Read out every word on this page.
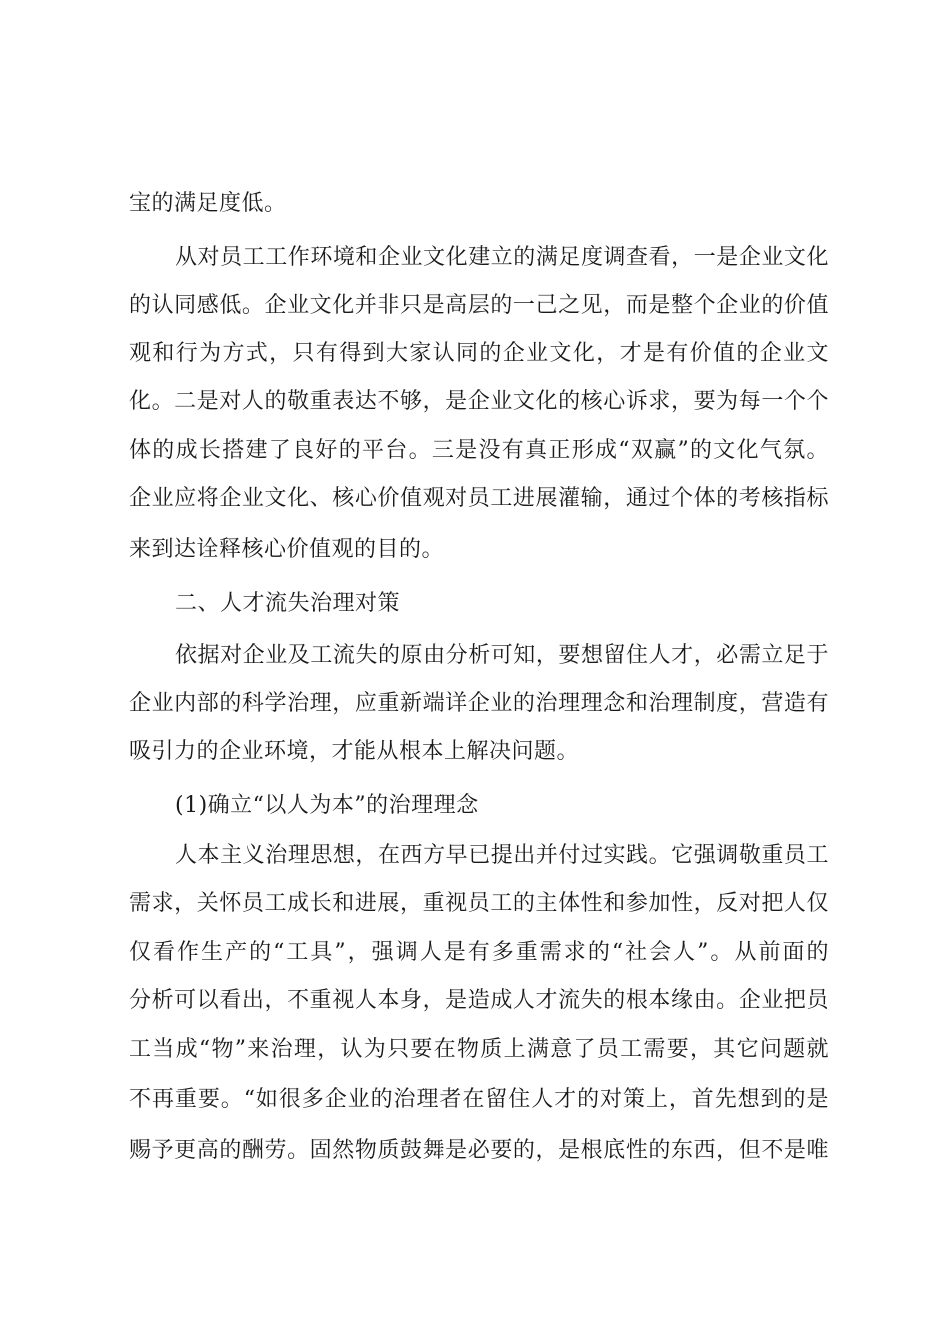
宝的满足度低。
从对员工工作环境和企业文化建立的满足度调查看，一是企业文化
的认同感低。企业文化并非只是高层的一己之见，而是整个企业的价值
观和行为方式，只有得到大家认同的企业文化，才是有价值的企业文
化。二是对人的敬重表达不够，是企业文化的核心诉求，要为每一个个
体的成长搭建了良好的平台。三是没有真正形成“双赢”的文化气氛。
企业应将企业文化、核心价值观对员工进展灌输，通过个体的考核指标
来到达诠释核心价值观的目的。
二、人才流失治理对策
依据对企业及工流失的原由分析可知，要想留住人才，必需立足于
企业内部的科学治理，应重新端详企业的治理理念和治理制度，营造有
吸引力的企业环境，才能从根本上解决问题。
(1)确立“以人为本”的治理理念
人本主义治理思想，在西方早已提出并付过实践。它强调敬重员工
需求，关怀员工成长和进展，重视员工的主体性和参加性，反对把人仅
仅看作生产的“工具”，强调人是有多重需求的“社会人”。从前面的
分析可以看出，不重视人本身，是造成人才流失的根本缘由。企业把员
工当成“物”来治理，认为只要在物质上满意了员工需要，其它问题就
不再重要。“如很多企业的治理者在留住人才的对策上，首先想到的是
赐予更高的酬劳。固然物质鼓舞是必要的，是根底性的东西，但不是唯
